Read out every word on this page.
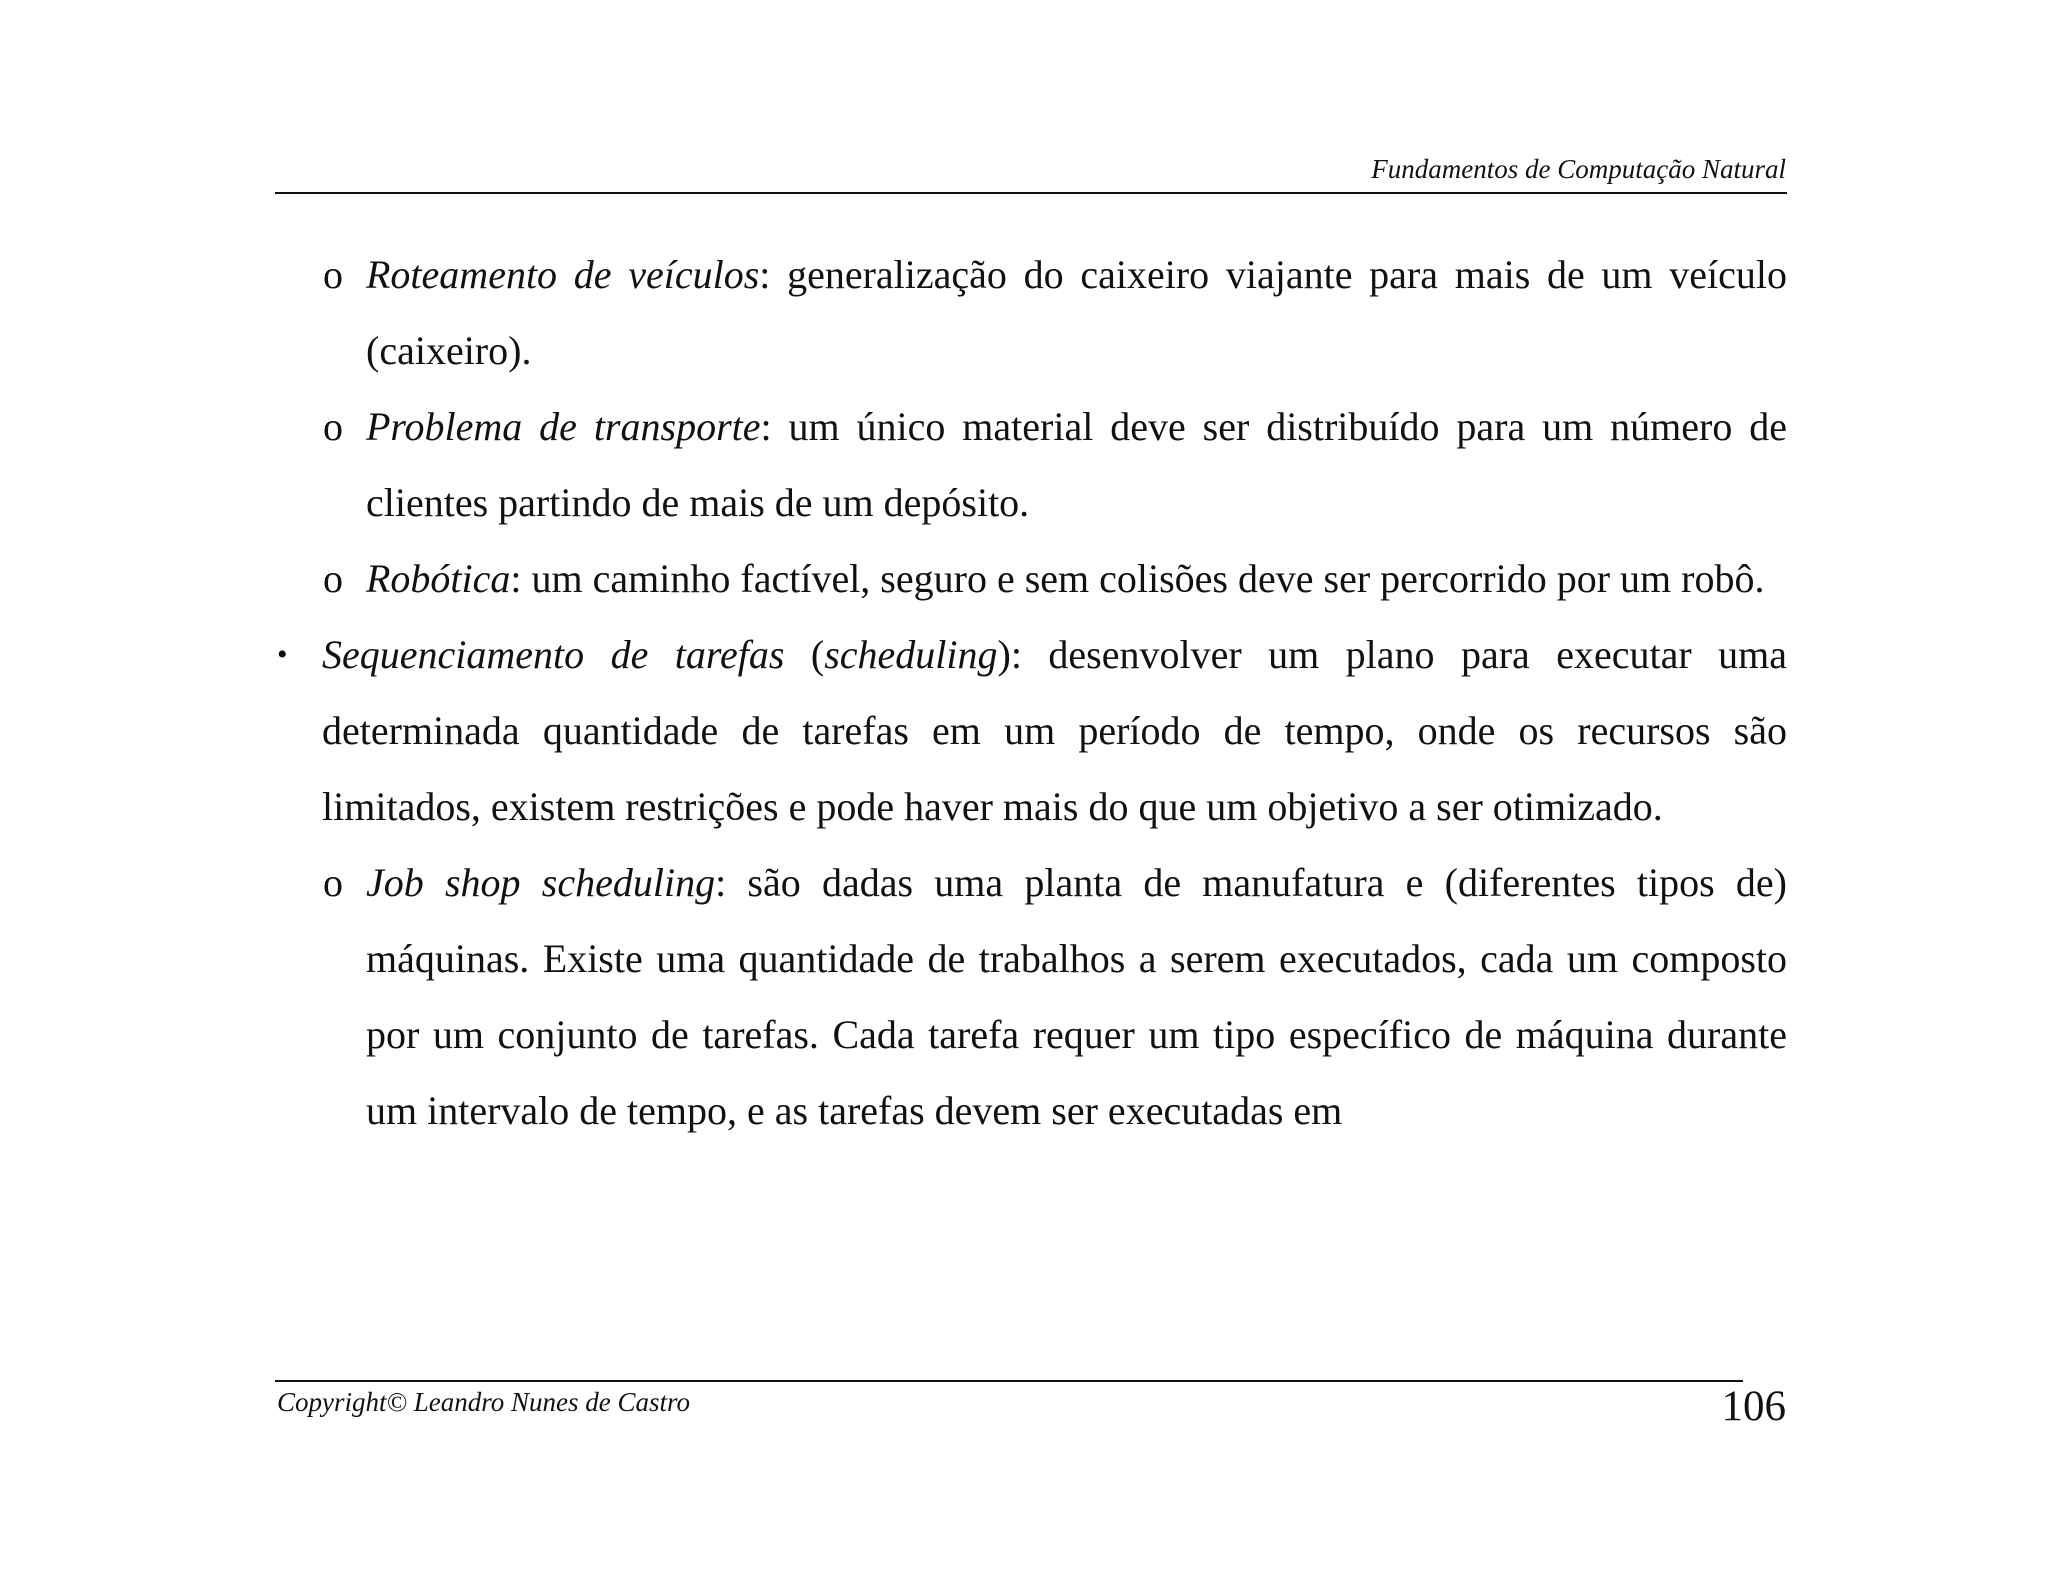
Fundamentos de Computação Natural

o Roteamento de veículos: generalização do caixeiro viajante para mais de um veículo (caixeiro).

o Problema de transporte: um único material deve ser distribuído para um número de clientes partindo de mais de um depósito.

o Robótica: um caminho factível, seguro e sem colisões deve ser percorrido por um robô.

• Sequenciamento de tarefas (scheduling): desenvolver um plano para executar uma determinada quantidade de tarefas em um período de tempo, onde os recursos são limitados, existem restrições e pode haver mais do que um objetivo a ser otimizado.

o Job shop scheduling: são dadas uma planta de manufatura e (diferentes tipos de) máquinas. Existe uma quantidade de trabalhos a serem executados, cada um composto por um conjunto de tarefas. Cada tarefa requer um tipo específico de máquina durante um intervalo de tempo, e as tarefas devem ser executadas em

Copyright© Leandro Nunes de Castro	106
